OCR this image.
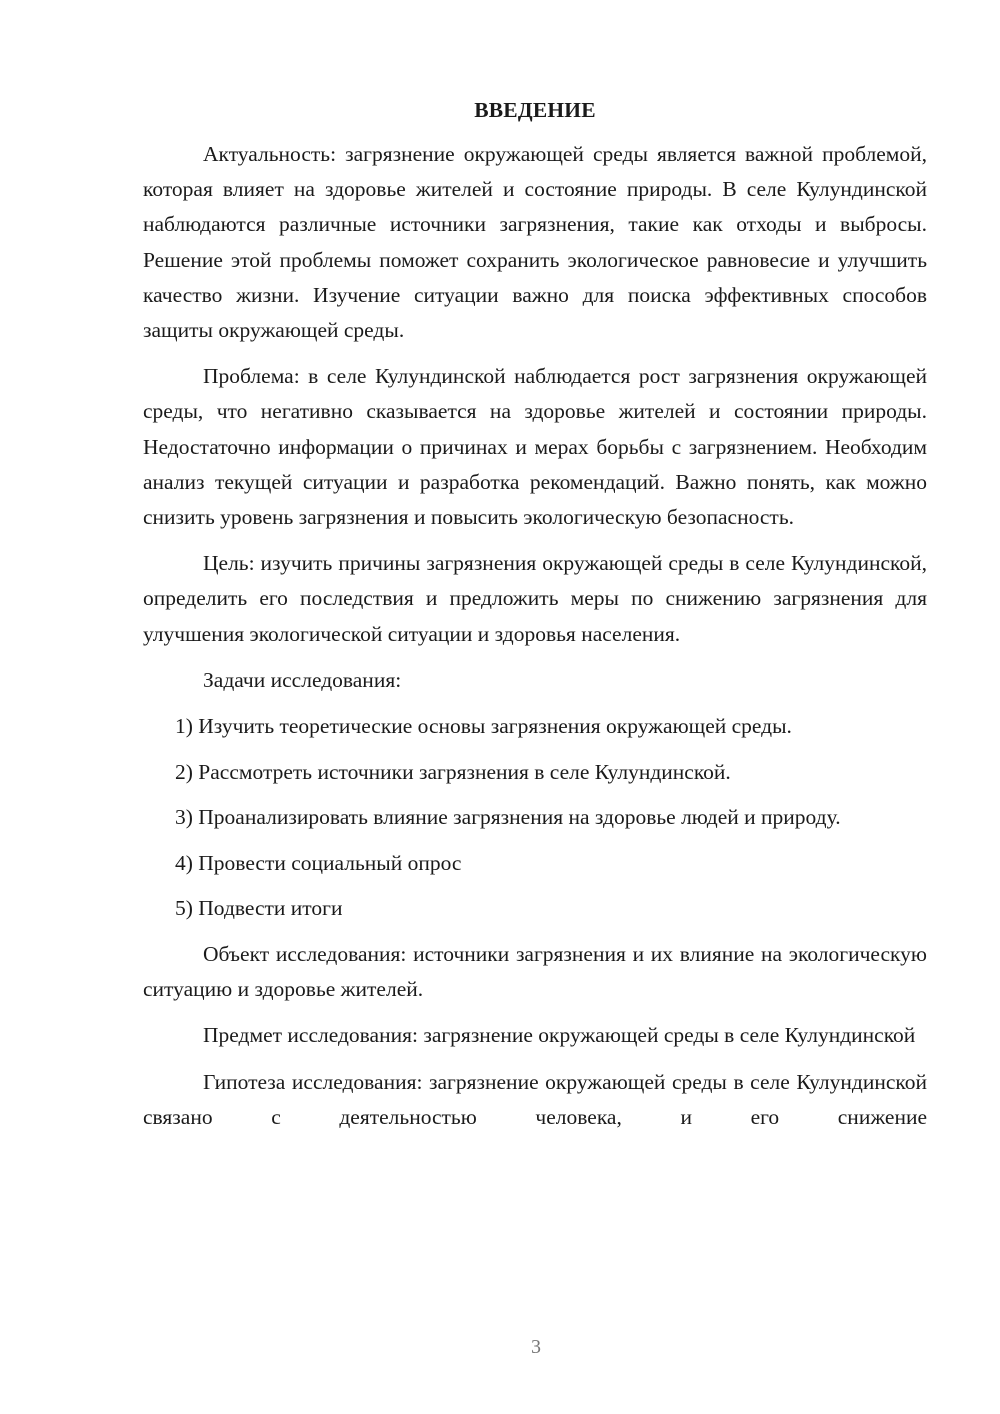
ВВЕДЕНИЕ

Актуальность: загрязнение окружающей среды является важной проблемой, которая влияет на здоровье жителей и состояние природы. В селе Кулундинской наблюдаются различные источники загрязнения, такие как отходы и выбросы. Решение этой проблемы поможет сохранить экологическое равновесие и улучшить качество жизни. Изучение ситуации важно для поиска эффективных способов защиты окружающей среды.

Проблема: в селе Кулундинской наблюдается рост загрязнения окружающей среды, что негативно сказывается на здоровье жителей и состоянии природы. Недостаточно информации о причинах и мерах борьбы с загрязнением. Необходим анализ текущей ситуации и разработка рекомендаций. Важно понять, как можно снизить уровень загрязнения и повысить экологическую безопасность.

Цель: изучить причины загрязнения окружающей среды в селе Кулундинской, определить его последствия и предложить меры по снижению загрязнения для улучшения экологической ситуации и здоровья населения.

Задачи исследования:

1) Изучить теоретические основы загрязнения окружающей среды.

2) Рассмотреть источники загрязнения в селе Кулундинской.

3) Проанализировать влияние загрязнения на здоровье людей и природу.

4) Провести социальный опрос

5) Подвести итоги

Объект исследования: источники загрязнения и их влияние на экологическую ситуацию и здоровье жителей.

Предмет исследования: загрязнение окружающей среды в селе Кулундинской

Гипотеза исследования: загрязнение окружающей среды в селе Кулундинской связано с деятельностью человека, и его снижение

3
